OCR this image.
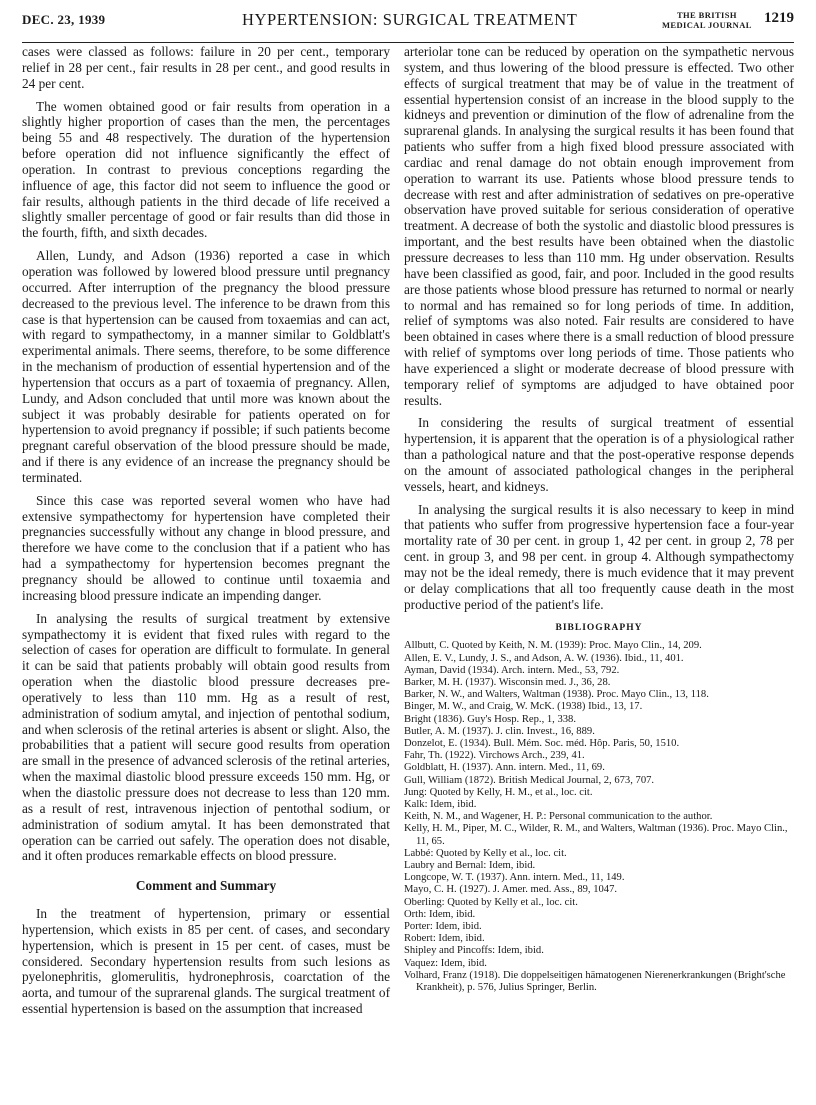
DEC. 23, 1939	HYPERTENSION: SURGICAL TREATMENT	THE BRITISH
MEDICAL JOURNAL 1219

cases were classed as follows: failure in 20 per cent., temporary relief in 28 per cent., fair results in 28 per cent., and good results in 24 per cent.

The women obtained good or fair results from operation in a slightly higher proportion of cases than the men, the percentages being 55 and 48 respectively. The duration of the hypertension before operation did not influence significantly the effect of operation. In contrast to previous conceptions regarding the influence of age, this factor did not seem to influence the good or fair results, although patients in the third decade of life received a slightly smaller percentage of good or fair results than did those in the fourth, fifth, and sixth decades.

Allen, Lundy, and Adson (1936) reported a case in which operation was followed by lowered blood pressure until pregnancy occurred. After interruption of the pregnancy the blood pressure decreased to the previous level. The inference to be drawn from this case is that hypertension can be caused from toxaemias and can act, with regard to sympathectomy, in a manner similar to Goldblatt's experimental animals. There seems, therefore, to be some difference in the mechanism of production of essential hypertension and of the hypertension that occurs as a part of toxaemia of pregnancy. Allen, Lundy, and Adson concluded that until more was known about the subject it was probably desirable for patients operated on for hypertension to avoid pregnancy if possible; if such patients become pregnant careful observation of the blood pressure should be made, and if there is any evidence of an increase the pregnancy should be terminated.

Since this case was reported several women who have had extensive sympathectomy for hypertension have completed their pregnancies successfully without any change in blood pressure, and therefore we have come to the conclusion that if a patient who has had a sympathectomy for hypertension becomes pregnant the pregnancy should be allowed to continue until toxaemia and increasing blood pressure indicate an impending danger.

In analysing the results of surgical treatment by extensive sympathectomy it is evident that fixed rules with regard to the selection of cases for operation are difficult to formulate. In general it can be said that patients probably will obtain good results from operation when the diastolic blood pressure decreases pre-operatively to less than 110 mm. Hg as a result of rest, administration of sodium amytal, and injection of pentothal sodium, and when sclerosis of the retinal arteries is absent or slight. Also, the probabilities that a patient will secure good results from operation are small in the presence of advanced sclerosis of the retinal arteries, when the maximal diastolic blood pressure exceeds 150 mm. Hg, or when the diastolic pressure does not decrease to less than 120 mm. as a result of rest, intravenous injection of pentothal sodium, or administration of sodium amytal. It has been demonstrated that operation can be carried out safely. The operation does not disable, and it often produces remarkable effects on blood pressure.

Comment and Summary

In the treatment of hypertension, primary or essential hypertension, which exists in 85 per cent. of cases, and secondary hypertension, which is present in 15 per cent. of cases, must be considered. Secondary hypertension results from such lesions as pyelonephritis, glomerulitis, hydronephrosis, coarctation of the aorta, and tumour of the suprarenal glands. The surgical treatment of essential hypertension is based on the assumption that increased

arteriolar tone can be reduced by operation on the sympathetic nervous system, and thus lowering of the blood pressure is effected. Two other effects of surgical treatment that may be of value in the treatment of essential hypertension consist of an increase in the blood supply to the kidneys and prevention or diminution of the flow of adrenaline from the suprarenal glands. In analysing the surgical results it has been found that patients who suffer from a high fixed blood pressure associated with cardiac and renal damage do not obtain enough improvement from operation to warrant its use. Patients whose blood pressure tends to decrease with rest and after administration of sedatives on pre-operative observation have proved suitable for serious consideration of operative treatment. A decrease of both the systolic and diastolic blood pressures is important, and the best results have been obtained when the diastolic pressure decreases to less than 110 mm. Hg under observation. Results have been classified as good, fair, and poor. Included in the good results are those patients whose blood pressure has returned to normal or nearly to normal and has remained so for long periods of time. In addition, relief of symptoms was also noted. Fair results are considered to have been obtained in cases where there is a small reduction of blood pressure with relief of symptoms over long periods of time. Those patients who have experienced a slight or moderate decrease of blood pressure with temporary relief of symptoms are adjudged to have obtained poor results.

In considering the results of surgical treatment of essential hypertension, it is apparent that the operation is of a physiological rather than a pathological nature and that the post-operative response depends on the amount of associated pathological changes in the peripheral vessels, heart, and kidneys.

In analysing the surgical results it is also necessary to keep in mind that patients who suffer from progressive hypertension face a four-year mortality rate of 30 per cent. in group 1, 42 per cent. in group 2, 78 per cent. in group 3, and 98 per cent. in group 4. Although sympathectomy may not be the ideal remedy, there is much evidence that it may prevent or delay complications that all too frequently cause death in the most productive period of the patient's life.

BIBLIOGRAPHY
Allbutt, C. Quoted by Keith, N. M. (1939): Proc. Mayo Clin., 14, 209.
Allen, E. V., Lundy, J. S., and Adson, A. W. (1936). Ibid., 11, 401.
Ayman, David (1934). Arch. intern. Med., 53, 792.
Barker, M. H. (1937). Wisconsin med. J., 36, 28.
Barker, N. W., and Walters, Waltman (1938). Proc. Mayo Clin., 13, 118.
Binger, M. W., and Craig, W. McK. (1938) Ibid., 13, 17.
Bright (1836). Guy's Hosp. Rep., 1, 338.
Butler, A. M. (1937). J. clin. Invest., 16, 889.
Donzelot, E. (1934). Bull. Mém. Soc. méd. Hôp. Paris, 50, 1510.
Fahr, Th. (1922). Virchows Arch., 239, 41.
Goldblatt, H. (1937). Ann. intern. Med., 11, 69.
Gull, William (1872). British Medical Journal, 2, 673, 707.
Jung: Quoted by Kelly, H. M., et al., loc. cit.
Kalk: Idem, ibid.
Keith, N. M., and Wagener, H. P.: Personal communication to the author.
Kelly, H. M., Piper, M. C., Wilder, R. M., and Walters, Waltman (1936). Proc. Mayo Clin., 11, 65.
Labbé: Quoted by Kelly et al., loc. cit.
Laubry and Bernal: Idem, ibid.
Longcope, W. T. (1937). Ann. intern. Med., 11, 149.
Mayo, C. H. (1927). J. Amer. med. Ass., 89, 1047.
Oberling: Quoted by Kelly et al., loc. cit.
Orth: Idem, ibid.
Porter: Idem, ibid.
Robert: Idem, ibid.
Shipley and Pincoffs: Idem, ibid.
Vaquez: Idem, ibid.
Volhard, Franz (1918). Die doppelseitigen hämatogenen Nierenerkrankungen (Bright'sche Krankheit), p. 576, Julius Springer, Berlin.
